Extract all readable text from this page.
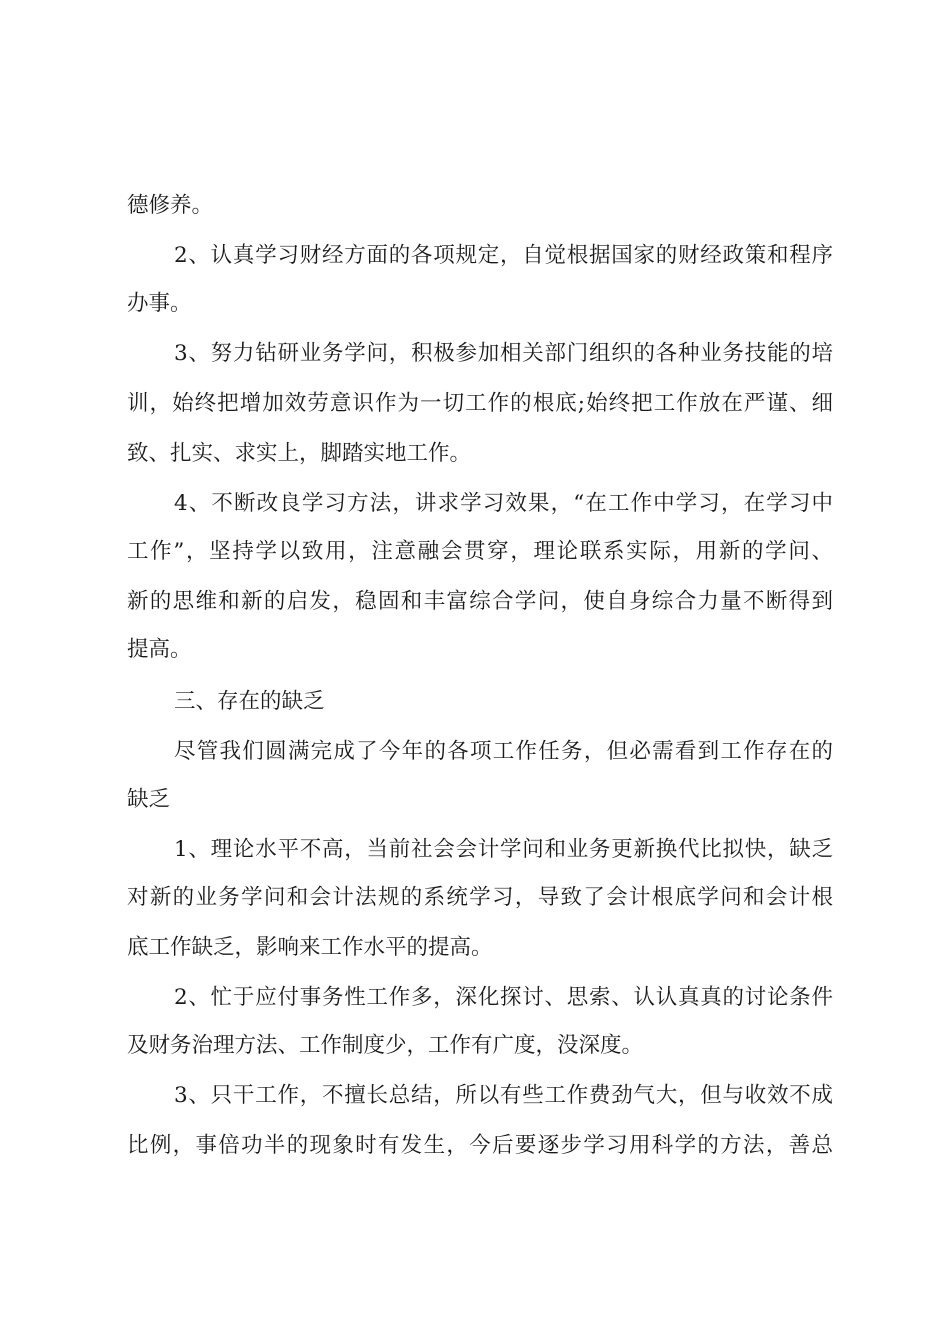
德修养。
2、认真学习财经方面的各项规定，自觉根据国家的财经政策和程序
办事。
3、努力钻研业务学问，积极参加相关部门组织的各种业务技能的培
训，始终把增加效劳意识作为一切工作的根底;始终把工作放在严谨、细
致、扎实、求实上，脚踏实地工作。
4、不断改良学习方法，讲求学习效果，“在工作中学习，在学习中
工作”，坚持学以致用，注意融会贯穿，理论联系实际，用新的学问、
新的思维和新的启发，稳固和丰富综合学问，使自身综合力量不断得到
提高。
三、存在的缺乏
尽管我们圆满完成了今年的各项工作任务，但必需看到工作存在的
缺乏
1、理论水平不高，当前社会会计学问和业务更新换代比拟快，缺乏
对新的业务学问和会计法规的系统学习，导致了会计根底学问和会计根
底工作缺乏，影响来工作水平的提高。
2、忙于应付事务性工作多，深化探讨、思索、认认真真的讨论条件
及财务治理方法、工作制度少，工作有广度，没深度。
3、只干工作，不擅长总结，所以有些工作费劲气大，但与收效不成
比例，事倍功半的现象时有发生，今后要逐步学习用科学的方法，善总
